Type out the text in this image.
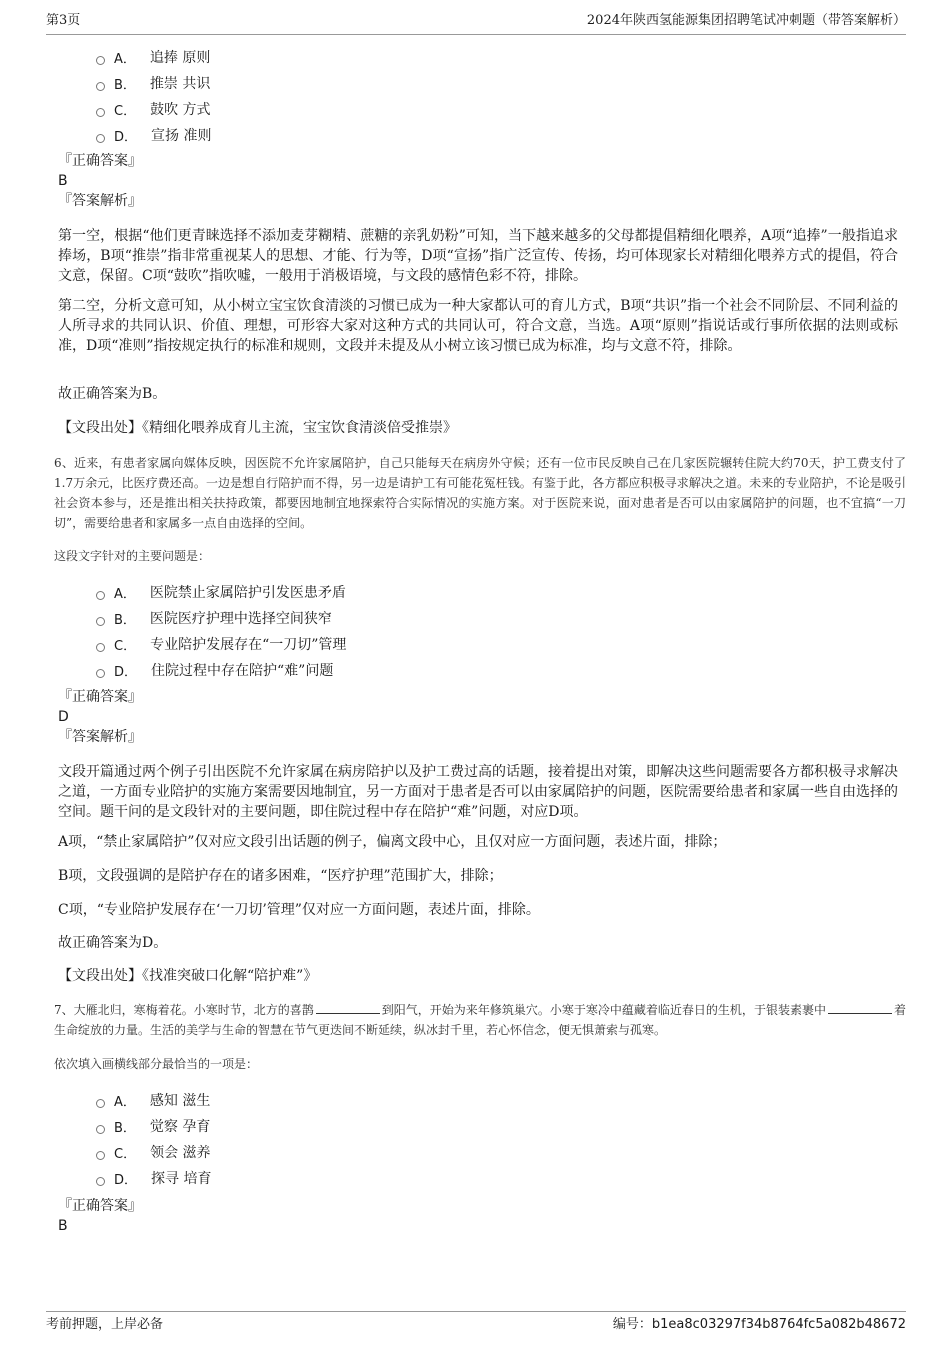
第3页	2024年陕西氢能源集团招聘笔试冲刺题（带答案解析）
A． 追捧 原则
B． 推崇 共识
C． 鼓吹 方式
D． 宣扬 准则
『正确答案』
B
『答案解析』

第一空，根据“他们更青睐选择不添加麦芽糊精、蔗糖的亲乳奶粉”可知，当下越来越多的父母都提倡精细化喂养，A项“追捧”一般指追求捧场，B项“推崇”指非常重视某人的思想、才能、行为等，D项“宣扬”指广泛宣传、传扬，均可体现家长对精细化喂养方式的提倡，符合文意，保留。C项“鼓吹”指吹嘘，一般用于消极语境，与文段的感情色彩不符，排除。

第二空，分析文意可知，从小树立宝宝饮食清淡的习惯已成为一种大家都认可的育儿方式，B项“共识”指一个社会不同阶层、不同利益的人所寻求的共同认识、价值、理想，可形容大家对这种方式的共同认可，符合文意，当选。A项“原则”指说话或行事所依据的法则或标准，D项“准则”指按规定执行的标准和规则，文段并未提及从小树立该习惯已成为标准，均与文意不符，排除。

故正确答案为B。

【文段出处】《精细化喂养成育儿主流，宝宝饮食清淡倍受推崇》

6、近来，有患者家属向媒体反映，因医院不允许家属陪护，自己只能每天在病房外守候；还有一位市民反映自己在几家医院辗转住院大约70天，护工费支付了1.7万余元，比医疗费还高。一边是想自行陪护而不得，另一边是请护工有可能花冤枉钱。有鉴于此，各方都应积极寻求解决之道。未来的专业陪护，不论是吸引社会资本参与，还是推出相关扶持政策，都要因地制宜地探索符合实际情况的实施方案。对于医院来说，面对患者是否可以由家属陪护的问题，也不宜搞“一刀切”，需要给患者和家属多一点自由选择的空间。

这段文字针对的主要问题是：

A． 医院禁止家属陪护引发医患矛盾
B． 医院医疗护理中选择空间狭窄
C． 专业陪护发展存在“一刀切”管理
D． 住院过程中存在陪护“难”问题
『正确答案』
D
『答案解析』

文段开篇通过两个例子引出医院不允许家属在病房陪护以及护工费过高的话题，接着提出对策，即解决这些问题需要各方都积极寻求解决之道，一方面专业陪护的实施方案需要因地制宜，另一方面对于患者是否可以由家属陪护的问题，医院需要给患者和家属一些自由选择的空间。题干问的是文段针对的主要问题，即住院过程中存在陪护“难”问题，对应D项。

A项，“禁止家属陪护”仅对应文段引出话题的例子，偏离文段中心，且仅对应一方面问题，表述片面，排除；

B项，文段强调的是陪护存在的诸多困难，“医疗护理”范围扩大，排除；

C项，“专业陪护发展存在‘一刀切’管理”仅对应一方面问题，表述片面，排除。

故正确答案为D。

【文段出处】《找准突破口化解“陪护难”》

7、大雁北归，寒梅着花。小寒时节，北方的喜鹊	到阳气，开始为来年修筑巢穴。小寒于寒冷中蕴藏着临近春日的生机，于银装素裹中	着生命绽放的力量。生活的美学与生命的智慧在节气更迭间不断延续，纵冰封千里，若心怀信念，便无惧萧索与孤寒。

依次填入画横线部分最恰当的一项是：

A． 感知 滋生
B． 觉察 孕育
C． 领会 滋养
D． 探寻 培育
『正确答案』
B
考前押题，上岸必备	编号：b1ea8c03297f34b8764fc5a082b48672
